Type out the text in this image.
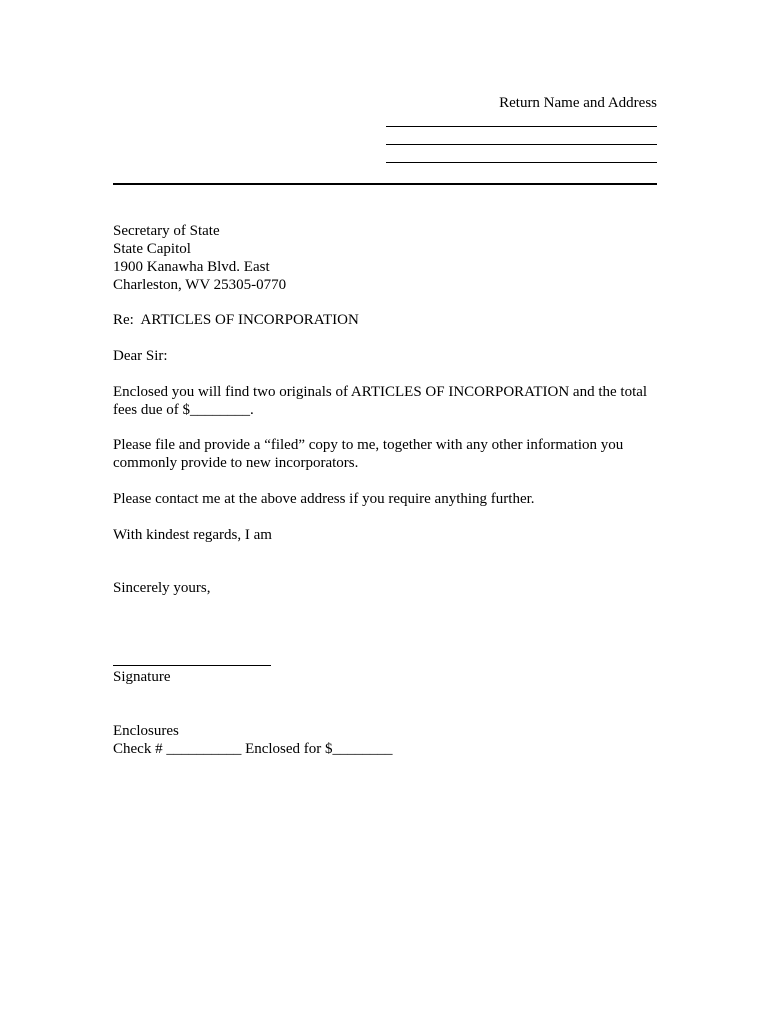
Return Name and Address
Secretary of State
State Capitol
1900 Kanawha Blvd. East
Charleston, WV 25305-0770
Re:  ARTICLES OF INCORPORATION
Dear Sir:
Enclosed you will find two originals of ARTICLES OF INCORPORATION and the total
fees due of $________.
Please file and provide a “filed” copy to me, together with any other information you
commonly provide to new incorporators.
Please contact me at the above address if you require anything further.
With kindest regards, I am
Sincerely yours,
Signature
Enclosures
Check # __________ Enclosed for $________
